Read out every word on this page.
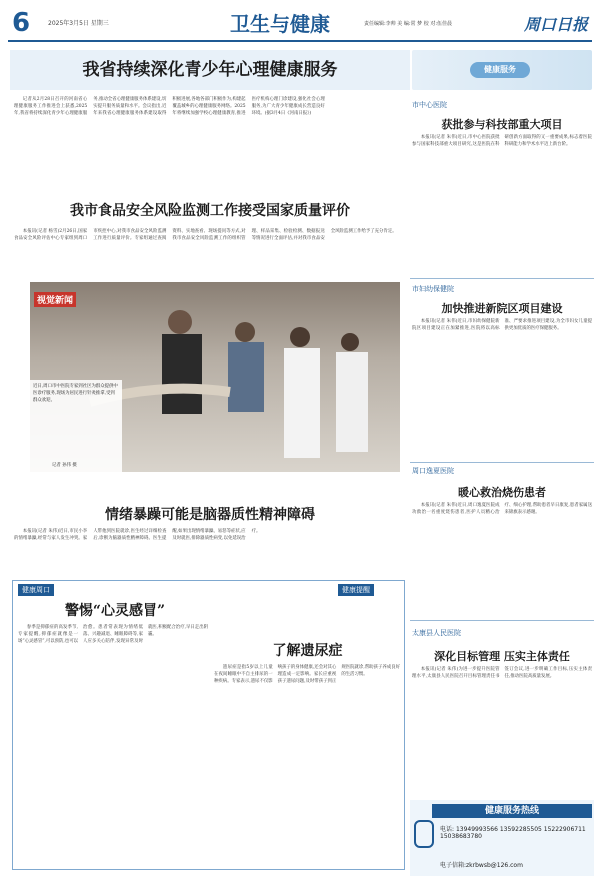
6	2025年3月5日 星期三	卫生与健康	责任编辑:李帅 美 编:常 梦 校 对:伍佳晨	周口日报
我省持续深化青少年心理健康服务	健康服务

记者从2月28日召开的河南省心理健康服务工作推进会上获悉,2025年,我省将持续深化青少年心理健康服务,推动全省心理健康服务体系建设,切实提升服务质量和水平。会议指出,近年来我省心理健康服务体系建设取得积极进展,各地各部门积极作为,构建起覆盖城乡的心理健康服务网络。2025年将继续加强学校心理健康教育,推进医疗机构心理门诊建设,强化社会心理服务,为广大青少年健康成长营造良好环境。(据3月4日《河南日报》)

我市食品安全风险监测工作接受国家质量评价

本报讯(记者 杨雪)2月26日,国家食品安全风险评估中心专家组到周口市疾控中心,对我市食品安全风险监测工作进行质量评价。专家组通过查阅资料、实地查看、现场提问等方式,对我市食品安全风险监测工作的组织管理、样品采集、检验检测、数据报送等情况进行全面评估,并对我市食品安全风险监测工作给予了充分肯定。

视觉新闻
近日,周口市中医院专家到社区为群众提供中医诊疗服务,现场为居民进行针灸推拿,受到群众欢迎。
记者 孙伟 摄
情绪暴躁可能是脑器质性精神障碍

本报讯(记者 朱伟)近日,市民小李的情绪暴躁,经常与家人发生冲突。家人带他到医院就诊,医生经过详细检查后,诊断为脑器质性精神障碍。医生提醒,如果出现情绪暴躁、易怒等症状,应及时就医,排除器质性病变,以免延误治疗。

健康周口	健康提醒
警惕“心灵感冒”

春季是抑郁症的高发季节,专家提醒,抑郁症就像是一场“心灵感冒”,可以预防,也可以治愈。患者常表现为情绪低落、兴趣减退、睡眠障碍等,家人应多关心陪伴,发现异常及时就医,积极配合治疗,早日走出阴霾。

了解遗尿症

遗尿症是指5岁以上儿童在夜间睡眠中不自主排尿的一种疾病。专家表示,遗尿不仅影响孩子的身体健康,还会对其心理造成一定影响。家长应重视孩子遗尿问题,及时带孩子到正规医院就诊,帮助孩子养成良好的生活习惯。

市中心医院
获批参与科技部重大项目

本报讯(记者 朱伟)近日,市中心医院获批参与国家科技部重大项目研究,这是医院在科研创新方面取得的又一重要成果,标志着医院科研能力和学术水平迈上新台阶。

市妇幼保健院
加快推进新院区项目建设

本报讯(记者 朱伟)近日,市妇幼保健院新院区项目建设正在加紧推进,医院将以高标准、严要求推进项目建设,为全市妇女儿童提供更加优质的医疗保健服务。

周口逸夏医院
暖心救治烧伤患者

本报讯(记者 朱伟)近日,周口逸夏医院成功救治一名重度烧伤患者,医护人员精心治疗、细心护理,帮助患者早日康复,患者家属送来锦旗表示感谢。

太康县人民医院
深化目标管理 压实主体责任

本报讯(记者 朱伟)为进一步提升医院管理水平,太康县人民医院召开目标管理责任书签订会议,进一步明确工作目标,压实主体责任,推动医院高质量发展。

健康服务热线
电话: 13949993566 13592285505 15222906711 15038683780
电子信箱:zkrbwsb@126.com
